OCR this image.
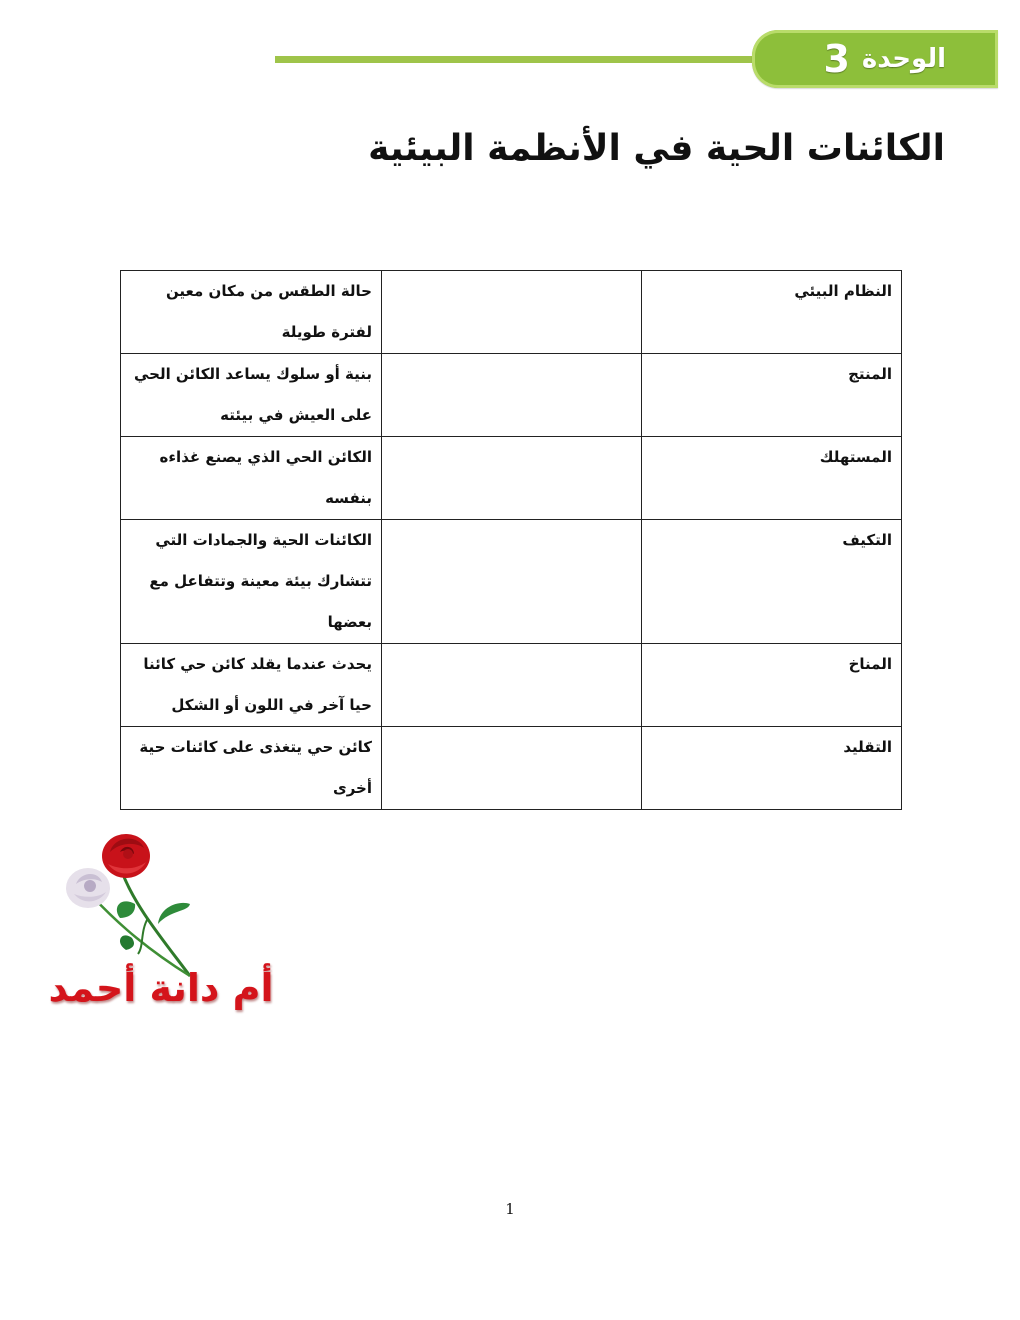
الوحدة
3
الكائنات الحية في الأنظمة البيئية
النظام البيئي		حالة الطقس من مكان معين لفترة طويلة
المنتج		بنية أو سلوك يساعد الكائن الحي على العيش في بيئته
المستهلك		الكائن الحي الذي يصنع غذاءه بنفسه
التكيف		الكائنات الحية والجمادات التي تتشارك بيئة معينة وتتفاعل مع بعضها
المناخ		يحدث عندما يقلد كائن حي كائنا حيا آخر في اللون أو الشكل
التقليد		كائن حي يتغذى على كائنات حية أخرى
أم دانة أحمد
1
